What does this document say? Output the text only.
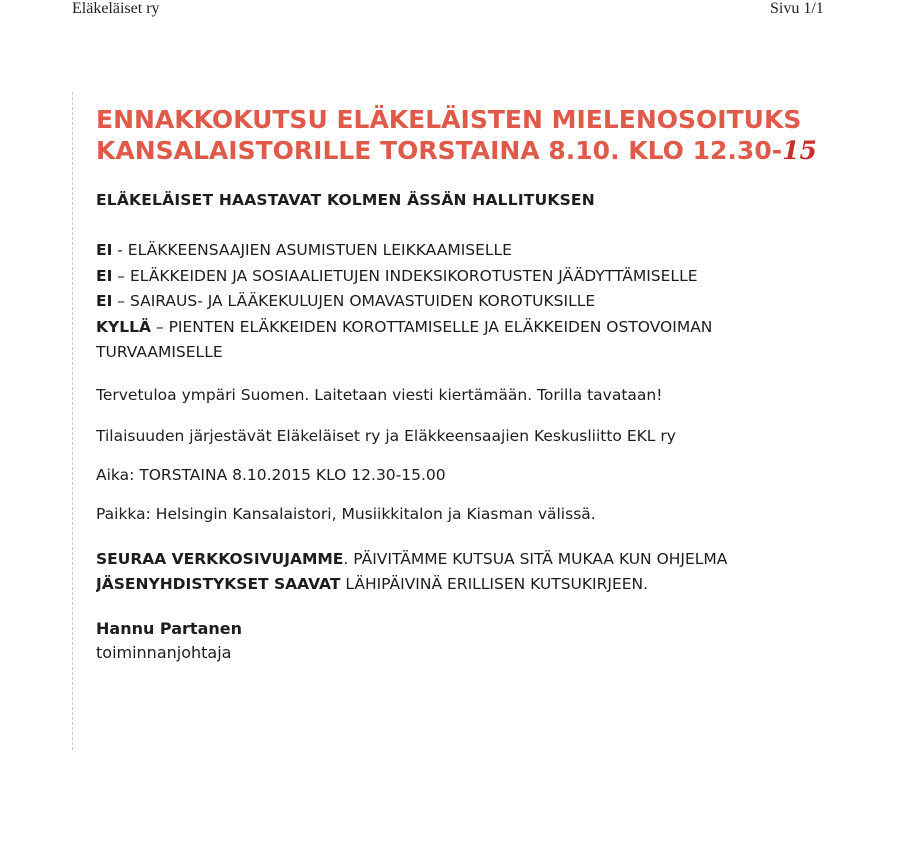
Eläkeläiset ry	Sivu 1/1
ENNAKKOKUTSU ELÄKELÄISTEN MIELENOSOITUKS
KANSALAISTORILLE TORSTAINA 8.10. KLO 12.30-15
ELÄKELÄISET HAASTAVAT KOLMEN ÄSSÄN HALLITUKSEN
EI - ELÄKKEENSAAJIEN ASUMISTUEN LEIKKAAMISELLE
EI – ELÄKKEIDEN JA SOSIAALIETUJEN INDEKSIKOROTUSTEN JÄÄDYTTÄMISELLE
EI – SAIRAUS- JA LÄÄKEKULUJEN OMAVASTUIDEN KOROTUKSILLE
KYLLÄ – PIENTEN ELÄKKEIDEN KOROTTAMISELLE JA ELÄKKEIDEN OSTOVOIMAN TURVAAMISELLE

Tervetuloa ympäri Suomen. Laitetaan viesti kiertämään. Torilla tavataan!

Tilaisuuden järjestävät Eläkeläiset ry ja Eläkkeensaajien Keskusliitto EKL ry

Aika: TORSTAINA 8.10.2015 KLO 12.30-15.00

Paikka: Helsingin Kansalaistori, Musiikkitalon ja Kiasman välissä.

SEURAA VERKKOSIVUJAMME. PÄIVITÄMME KUTSUA SITÄ MUKAA KUN OHJELMA
JÄSENYHDISTYKSET SAAVAT LÄHIPÄIVINÄ ERILLISEN KUTSUKIRJEEN.

Hannu Partanen
toiminnanjohtaja
